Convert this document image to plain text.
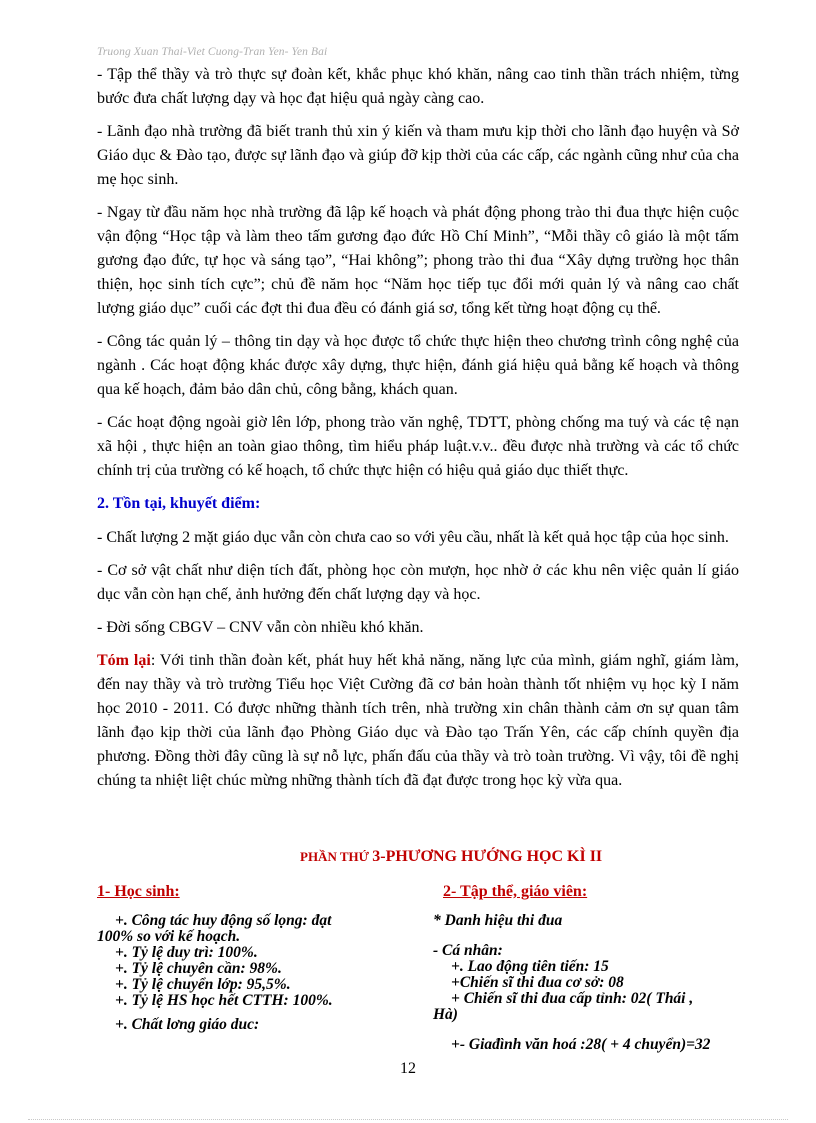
Truong Xuan Thai-Viet Cuong-Tran Yen- Yen Bai

- Tập thể thầy và trò thực sự đoàn kết, khắc phục khó khăn, nâng cao tinh thần trách nhiệm, từng bước đưa chất lượng dạy và học đạt hiệu quả ngày càng cao.

- Lãnh đạo nhà trường đã biết tranh thủ xin ý kiến và tham mưu kịp thời cho lãnh đạo huyện và Sở Giáo dục & Đào tạo, được sự lãnh đạo và giúp đỡ kịp thời của các cấp, các ngành cũng như của cha mẹ học sinh.

- Ngay từ đầu năm học nhà trường đã lập kế hoạch và phát động phong trào thi đua thực hiện cuộc vận động “Học tập và làm theo tấm gương đạo đức Hồ Chí Minh”, “Mỗi thầy cô giáo là một tấm gương đạo đức, tự học và sáng tạo”, “Hai không”; phong trào thi đua “Xây dựng trường học thân thiện, học sinh tích cực”; chủ đề năm học “Năm học tiếp tục đổi mới quản lý và nâng cao chất lượng giáo dục” cuối các đợt thi đua đều có đánh giá sơ, tổng kết từng hoạt động cụ thể.

- Công tác quản lý – thông tin dạy và học được tổ chức thực hiện theo chương trình công nghệ của ngành . Các hoạt động khác được xây dựng, thực hiện, đánh giá hiệu quả bằng kế hoạch và thông qua kế hoạch, đảm bảo dân chủ, công bằng, khách quan.

- Các hoạt động ngoài giờ lên lớp, phong trào văn nghệ, TDTT, phòng chống ma tuý và các tệ nạn xã hội , thực hiện an toàn giao thông, tìm hiểu pháp luật.v.v.. đều được nhà trường và các tổ chức chính trị của trường có kế hoạch, tổ chức thực hiện có hiệu quả giáo dục thiết thực.

2. Tồn tại, khuyết điểm:

- Chất lượng 2 mặt giáo dục vẫn còn chưa cao so với yêu cầu, nhất là kết quả học tập của học sinh.

- Cơ sở vật chất như diện tích đất, phòng học còn mượn, học nhờ ở các khu nên việc quản lí giáo dục vẫn còn hạn chế, ảnh hưởng đến chất lượng dạy và học.

- Đời sống CBGV – CNV vẫn còn nhiều khó khăn.

Tóm lại: Với tinh thần đoàn kết, phát huy hết khả năng, năng lực của mình, giám nghĩ, giám làm, đến nay thầy và trò trường Tiểu học Việt Cường đã cơ bản hoàn thành tốt nhiệm vụ học kỳ I năm học 2010 - 2011. Có được những thành tích trên, nhà trường xin chân thành cảm ơn sự quan tâm lãnh đạo kịp thời của lãnh đạo Phòng Giáo dục và Đào tạo Trấn Yên, các cấp chính quyền địa phương. Đồng thời đây cũng là sự nỗ lực, phấn đấu của thầy và trò toàn trường. Vì vậy, tôi đề nghị chúng ta nhiệt liệt chúc mừng những thành tích đã đạt được trong học kỳ vừa qua.

PHẦN THỨ 3-PHƯƠNG HƯỚNG HỌC KÌ II
1- Học sinh:	2- Tập thể, giáo viên:
+. Công tác huy động số lọng: đạt
100% so với kế hoạch.
+. Tỷ lệ duy trì: 100%.
+. Tỷ lệ chuyên cần: 98%.
+. Tỷ lệ chuyển lớp: 95,5%.
+. Tỷ lệ HS học hết CTTH: 100%.
+. Chất lơng giáo duc:
* Danh hiệu thi đua
- Cá nhân:
+. Lao động tiên tiến: 15
+Chiến sĩ thi đua cơ sở: 08
+ Chiến sĩ thi đua cấp tỉnh: 02( Thái ,
Hà)
+- Giađình văn hoá :28( + 4 chuyển)=32
12
